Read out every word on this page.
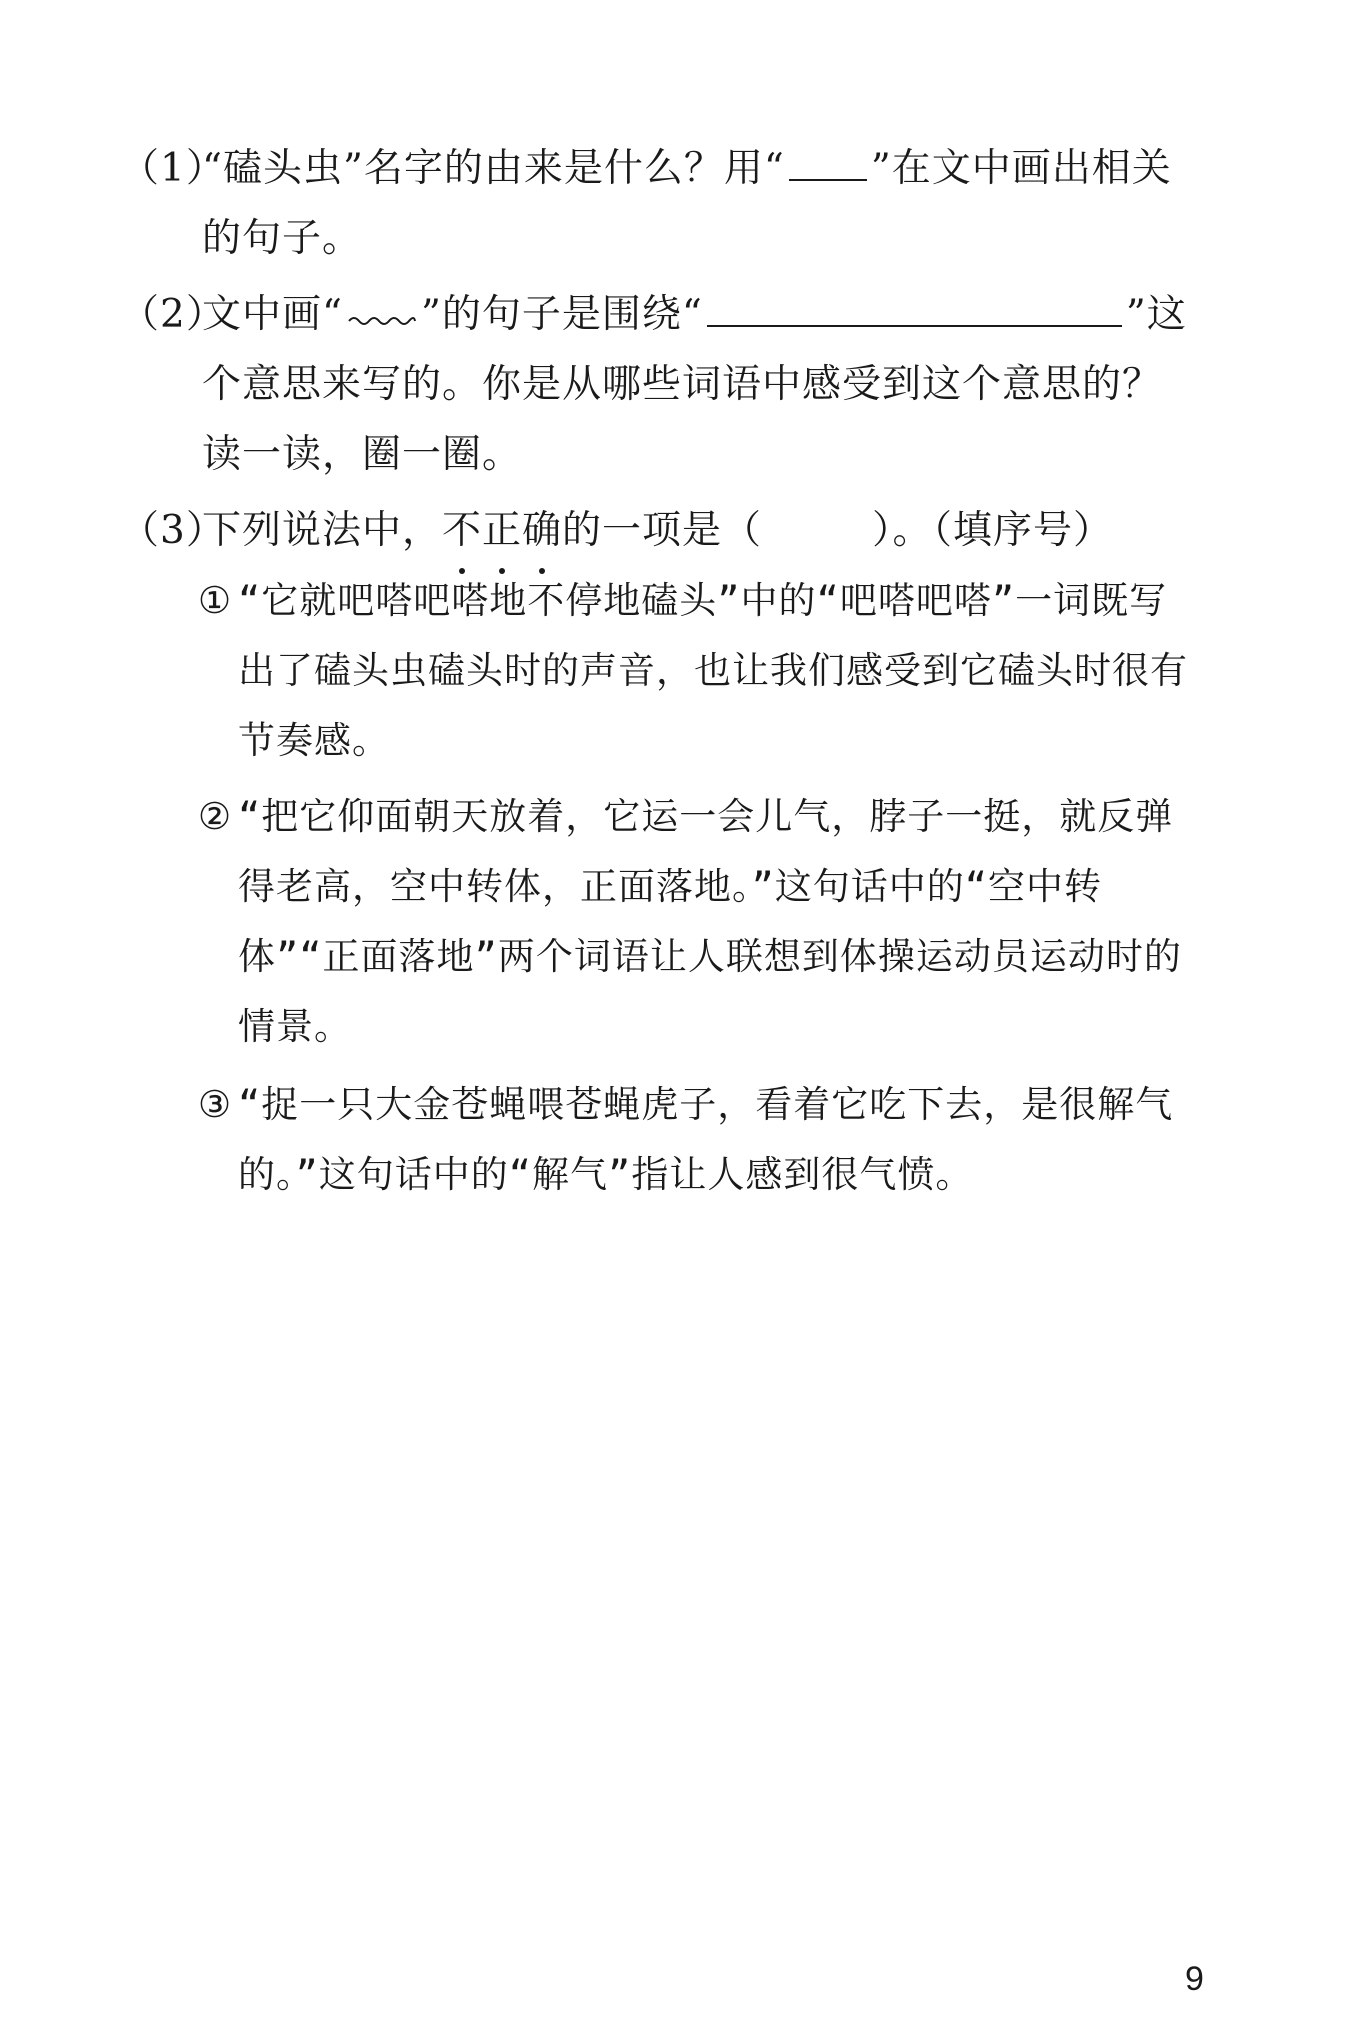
（1）
“磕头虫”名字的由来是什么？用“ ”在文中画出相关的句子。
（2）
文中画“ ”的句子是围绕“	”这个意思来写的。你是从哪些词语中感受到这个意思的？读一读，圈一圈。
（3）
下列说法中，不正确
的一项是（	）。（填序号）
① “它就吧嗒吧嗒地不停地磕头”中的“吧嗒吧嗒”一词既写出了磕头虫磕头时的声音，也让我们感受到它磕头时很有节奏感。
② “把它仰面朝天放着，它运一会儿气，脖子一挺，就反弹得老高，空中转体，正面落地。”这句话中的“空中转体”“正面落地”两个词语让人联想到体操运动员运动时的情景。
③ “捉一只大金苍蝇喂苍蝇虎子，看着它吃下去，是很解气的。”这句话中的“解气”指让人感到很气愤。
9
